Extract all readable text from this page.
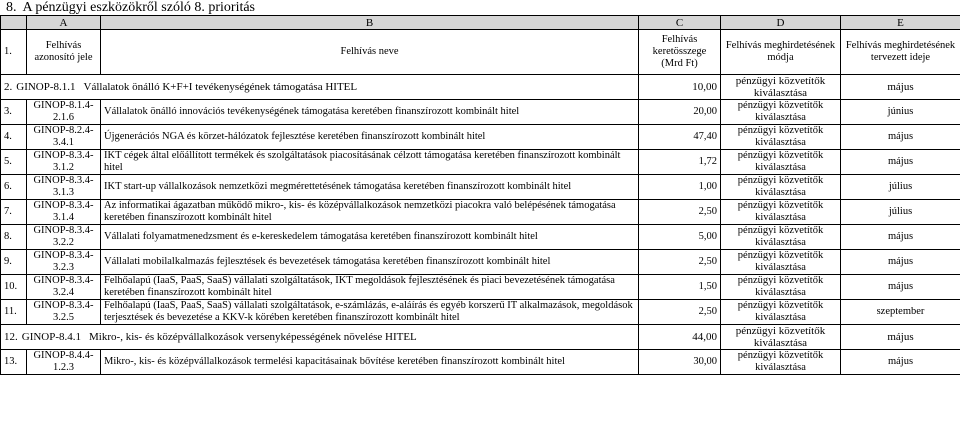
8. A pénzügyi eszközökről szóló 8. prioritás
	A	B	C	D	E
1.	Felhívás azonosító jele	Felhívás neve	Felhívás keretösszege (Mrd Ft)	Felhívás meghirdetésének módja	Felhívás meghirdetésének tervezett ideje
2. GINOP-8.1.1 Vállalatok önálló K+F+I tevékenységének támogatása HITEL			10,00	pénzügyi közvetítők kiválasztása	május
3.	GINOP-8.1.4-2.1.6	Vállalatok önálló innovációs tevékenységének támogatása keretében finanszírozott kombinált hitel	20,00	pénzügyi közvetítők kiválasztása	június
4.	GINOP-8.2.4-3.4.1	Újgenerációs NGA és körzet-hálózatok fejlesztése keretében finanszírozott kombinált hitel	47,40	pénzügyi közvetítők kiválasztása	május
5.	GINOP-8.3.4-3.1.2	IKT cégek által előállított termékek és szolgáltatások piacosításának célzott támogatása keretében finanszírozott kombinált hitel	1,72	pénzügyi közvetítők kiválasztása	május
6.	GINOP-8.3.4-3.1.3	IKT start-up vállalkozások nemzetközi megmérettetésének támogatása keretében finanszírozott kombinált hitel	1,00	pénzügyi közvetítők kiválasztása	július
7.	GINOP-8.3.4-3.1.4	Az informatikai ágazatban működő mikro-, kis- és középvállalkozások nemzetközi piacokra való belépésének támogatása keretében finanszírozott kombinált hitel	2,50	pénzügyi közvetítők kiválasztása	július
8.	GINOP-8.3.4-3.2.2	Vállalati folyamatmenedzsment és e-kereskedelem támogatása keretében finanszírozott kombinált hitel	5,00	pénzügyi közvetítők kiválasztása	május
9.	GINOP-8.3.4-3.2.3	Vállalati mobilalkalmazás fejlesztések és bevezetések támogatása keretében finanszírozott kombinált hitel	2,50	pénzügyi közvetítők kiválasztása	május
10.	GINOP-8.3.4-3.2.4	Felhőalapú (IaaS, PaaS, SaaS) vállalati szolgáltatások, IKT megoldások fejlesztésének és piaci bevezetésének támogatása keretében finanszírozott kombinált hitel	1,50	pénzügyi közvetítők kiválasztása	május
11.	GINOP-8.3.4-3.2.5	Felhőalapú (IaaS, PaaS, SaaS) vállalati szolgáltatások, e-számlázás, e-aláírás és egyéb korszerű IT alkalmazások, megoldások terjesztések és bevezetése a KKV-k körében keretében finanszírozott kombinált hitel	2,50	pénzügyi közvetítők kiválasztása	szeptember
12. GINOP-8.4.1 Mikro-, kis- és középvállalkozások versenyképességének növelése HITEL			44,00	pénzügyi közvetítők kiválasztása	május
13.	GINOP-8.4.4-1.2.3	Mikro-, kis- és középvállalkozások termelési kapacitásainak bővítése keretében finanszírozott kombinált hitel	30,00	pénzügyi közvetítők kiválasztása	május
